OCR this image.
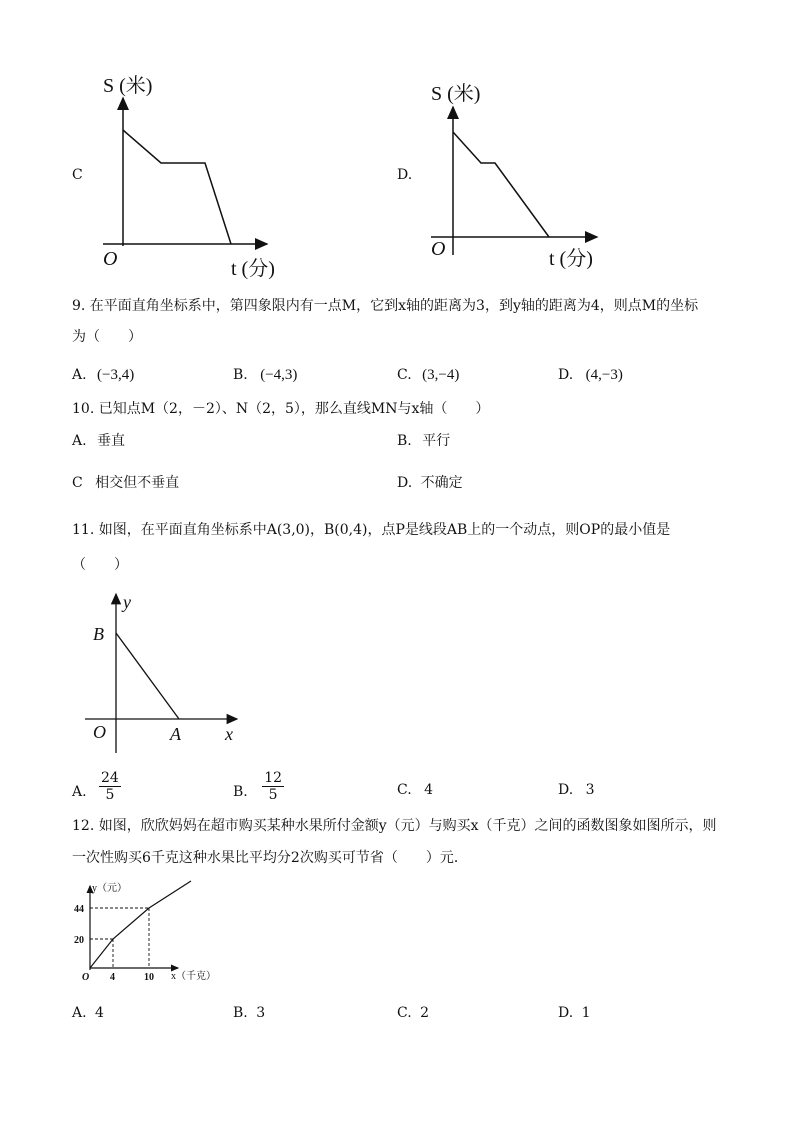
C
S (米)
O	t (分)
D.
S (米)
O	t (分)
9. 在平面直角坐标系中，第四象限内有一点M，它到x轴的距离为3，到y轴的距离为4，则点M的坐标
为（　　）
A. (−3,4)	B. (−4,3)	C. (3,−4)	D. (4,−3)
10. 已知点M（2，－2）、N（2，5），那么直线MN与x轴（　　）
A. 垂直	B. 平行
C 相交但不垂直	D. 不确定
11. 如图，在平面直角坐标系中A(3,0)，B(0,4)，点P是线段AB上的一个动点，则OP的最小值是
（　　）
y
B
O	A x
A. $\frac{24}{5}$	B. $\frac{12}{5}$	C. 4	D. 3
12. 如图，欣欣妈妈在超市购买某种水果所付金额y（元）与购买x（千克）之间的函数图象如图所示，则
一次性购买6千克这种水果比平均分2次购买可节省（　　）元．
y（元）
44
20
O 4	10 x（千克）
A. 4	B. 3	C. 2	D. 1
